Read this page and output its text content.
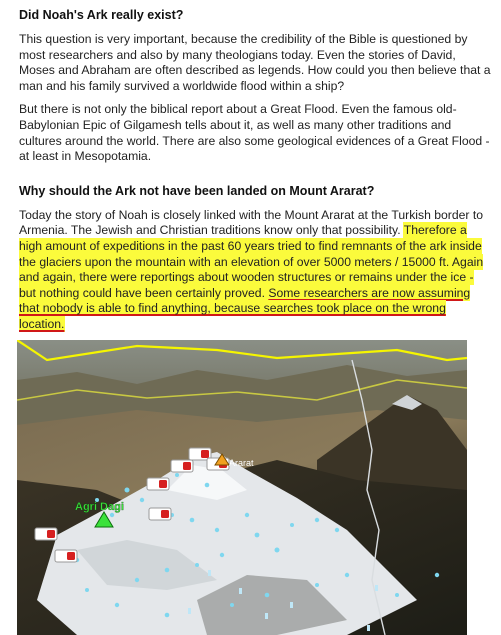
Did Noah's Ark really exist?

This question is very important, because the credibility of the Bible is questioned by most researchers and also by many theologians today. Even the stories of David, Moses and Abraham are often described as legends. How could you then believe that a man and his family survived a worldwide flood within a ship?

But there is not only the biblical report about a Great Flood. Even the famous old-Babylonian Epic of Gilgamesh tells about it, as well as many other traditions and cultures around the world. There are also some geological evidences of a Great Flood - at least in Mesopotamia.

Why should the Ark not have been landed on Mount Ararat?

Today the story of Noah is closely linked with the Mount Ararat at the Turkish border to Armenia. The Jewish and Christian traditions know only that possibility. Therefore a high amount of expeditions in the past 60 years tried to find remnants of the ark inside the glaciers upon the mountain with an elevation of over 5000 meters / 15000 ft. Again and again, there were reportings about wooden structures or remains under the ice - but nothing could have been certainly proved. Some researchers are now assuming that nobody is able to find anything, because searches took place on the wrong location.

Agri Dagi
Ararat
